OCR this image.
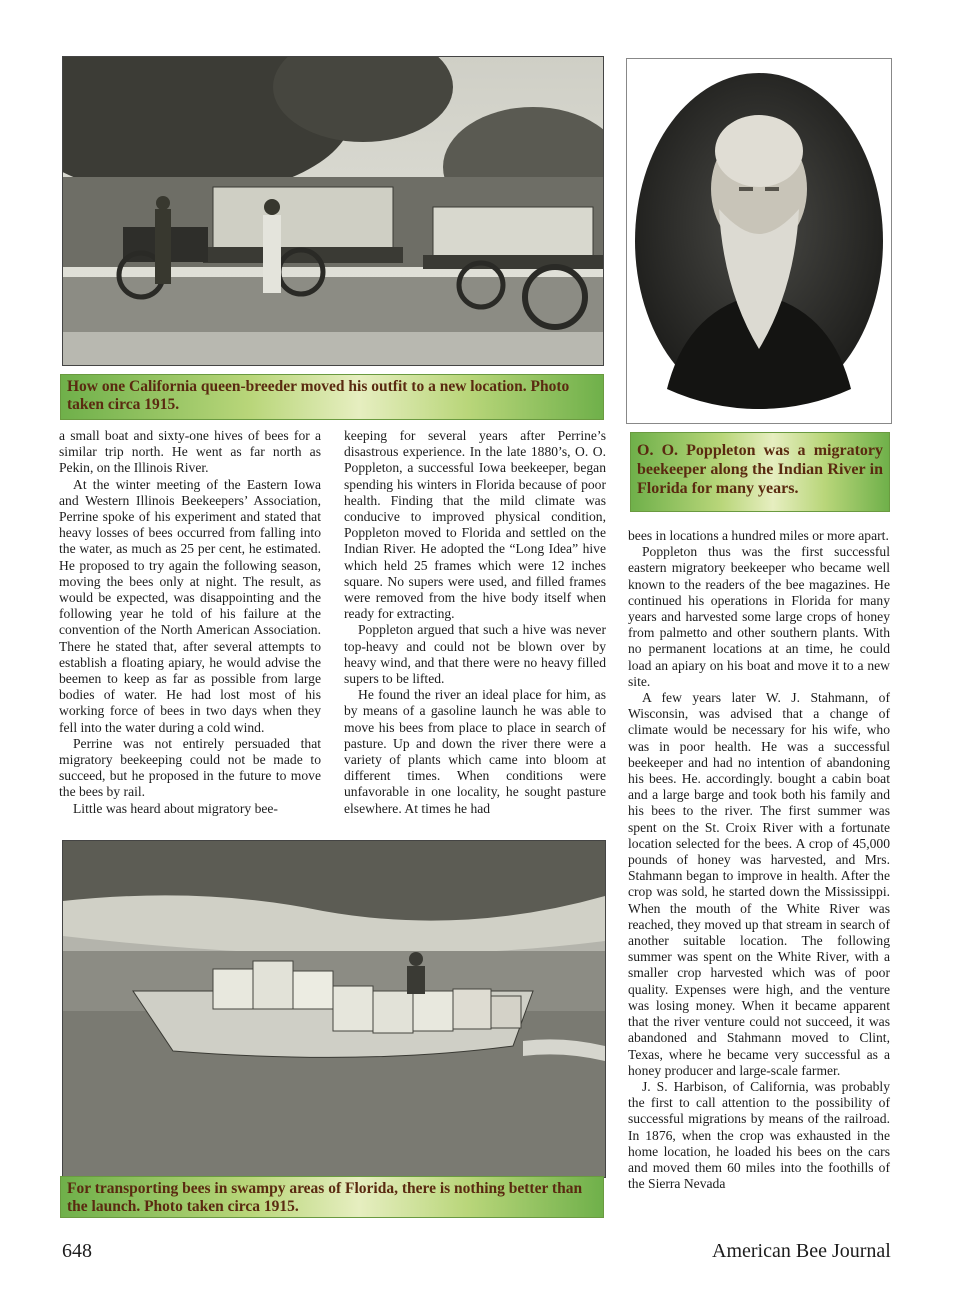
How one California queen-breeder moved his outfit to a new location. Photo taken circa 1915.
O. O. Poppleton was a migratory beekeeper along the Indian River in Florida for many years.

a small boat and sixty-one hives of bees for a similar trip north. He went as far north as Pekin, on the Illinois River.

At the winter meeting of the Eastern Iowa and Western Illinois Beekeepers’ Association, Perrine spoke of his experiment and stated that heavy losses of bees occurred from falling into the water, as much as 25 per cent, he estimated. He proposed to try again the following season, moving the bees only at night. The result, as would be expected, was disappointing and the following year he told of his failure at the convention of the North American Association. There he stated that, after several attempts to establish a floating apiary, he would advise the beemen to keep as far as possible from large bodies of water. He had lost most of his working force of bees in two days when they fell into the water during a cold wind.

Perrine was not entirely persuaded that migratory beekeeping could not be made to succeed, but he proposed in the future to move the bees by rail.

Little was heard about migratory bee-

keeping for several years after Perrine’s disastrous experience. In the late 1880’s, O. O. Poppleton, a successful Iowa beekeeper, began spending his winters in Florida because of poor health. Finding that the mild climate was conducive to improved physical condition, Poppleton moved to Florida and settled on the Indian River. He adopted the “Long Idea” hive which held 25 frames which were 12 inches square. No supers were used, and filled frames were removed from the hive body itself when ready for extracting.

Poppleton argued that such a hive was never top-heavy and could not be blown over by heavy wind, and that there were no heavy filled supers to be lifted.

He found the river an ideal place for him, as by means of a gasoline launch he was able to move his bees from place to place in search of pasture. Up and down the river there were a variety of plants which came into bloom at different times. When conditions were unfavorable in one locality, he sought pasture elsewhere. At times he had

For transporting bees in swampy areas of Florida, there is nothing better than the launch. Photo taken circa 1915.

bees in locations a hundred miles or more apart.

Poppleton thus was the first successful eastern migratory beekeeper who became well known to the readers of the bee magazines. He continued his operations in Florida for many years and harvested some large crops of honey from palmetto and other southern plants. With no permanent locations at an time, he could load an apiary on his boat and move it to a new site.

A few years later W. J. Stahmann, of Wisconsin, was advised that a change of climate would be necessary for his wife, who was in poor health. He was a successful beekeeper and had no intention of abandoning his bees. He. accordingly. bought a cabin boat and a large barge and took both his family and his bees to the river. The first summer was spent on the St. Croix River with a fortunate location selected for the bees. A crop of 45,000 pounds of honey was harvested, and Mrs. Stahmann began to improve in health. After the crop was sold, he started down the Mississippi. When the mouth of the White River was reached, they moved up that stream in search of another suitable location. The following summer was spent on the White River, with a smaller crop harvested which was of poor quality. Expenses were high, and the venture was losing money. When it became apparent that the river venture could not succeed, it was abandoned and Stahmann moved to Clint, Texas, where he became very successful as a honey producer and large-scale farmer.

J. S. Harbison, of California, was probably the first to call attention to the possibility of successful migrations by means of the railroad. In 1876, when the crop was exhausted in the home location, he loaded his bees on the cars and moved them 60 miles into the foothills of the Sierra Nevada

648	American Bee Journal
